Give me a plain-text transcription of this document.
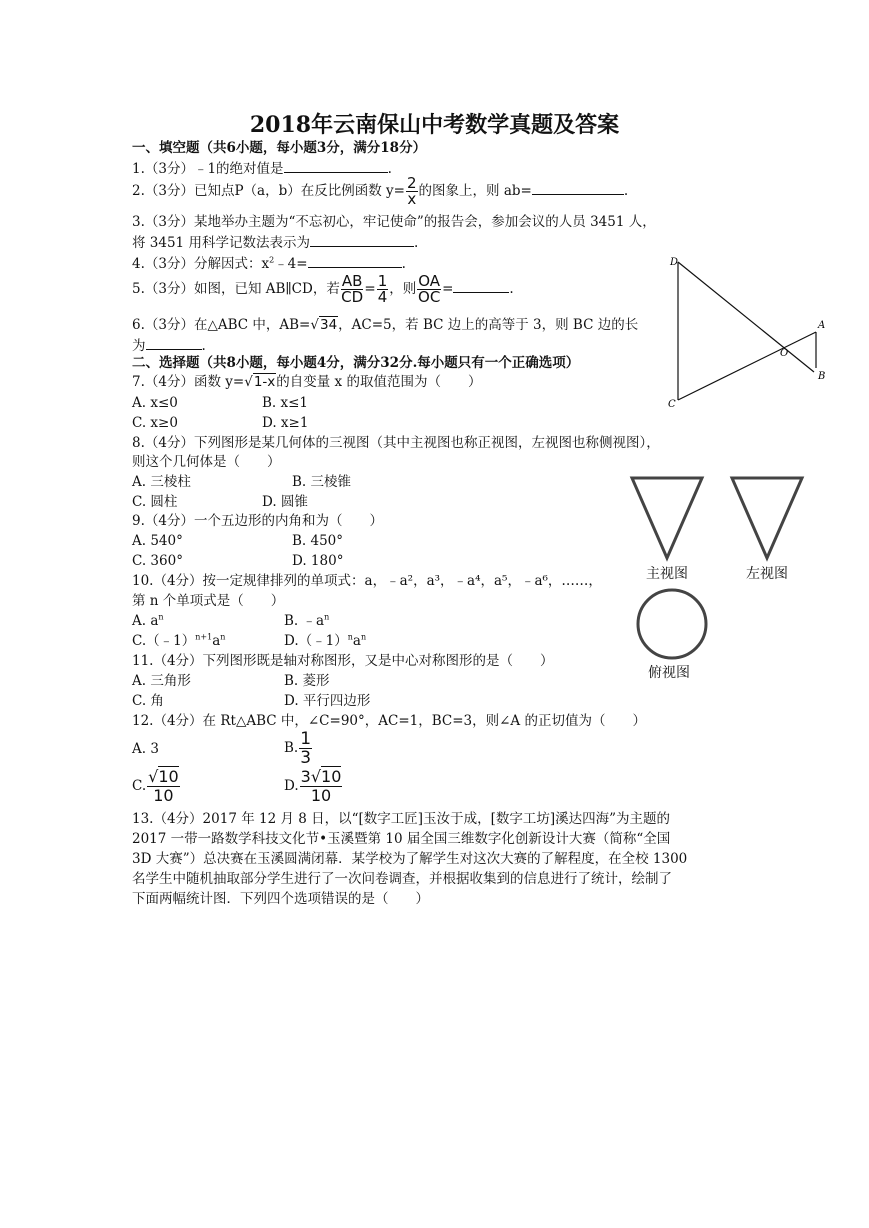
2018年云南保山中考数学真题及答案
一、填空题（共6小题，每小题3分，满分18分）
1.（3分）﹣1的绝对值是	.
2.（3分）已知点P（a，b）在反比例函数 $y= \frac{2}{x}$ 的图象上，则 ab=	.
3.（3分）某地举办主题为“不忘初心，牢记使命”的报告会，参加会议的人员 3451 人，
将 3451 用科学记数法表示为	.
4.（3分）分解因式：$x^2﹣4=$	.
5.（3分）如图，已知 AB∥CD，若 $\frac{AB}{CD} = \frac{1}{4}$ ，则 $\frac{OA}{OC}$ =	.
6.（3分）在△ABC 中，AB=√34，AC=5，若 BC 边上的高等于 3，则 BC 边的长
为	.
二、选择题（共8小题，每小题4分，满分32分.每小题只有一个正确选项）
7.（4分）函数 y=√1-x的自变量 x 的取值范围为（　　）
A. x≤0	B. x≤1
C. x≥0	D. x≥1
8.（4分）下列图形是某几何体的三视图（其中主视图也称正视图，左视图也称侧视图），
则这个几何体是（　　）
A. 三棱柱	B. 三棱锥
C. 圆柱	D. 圆锥
9.（4分）一个五边形的内角和为（　　）
A. 540°	B. 450°
C. 360°	D. 180°
10.（4分）按一定规律排列的单项式：a，﹣a²，a³，﹣a⁴，a⁵，﹣a⁶，……，
第 n 个单项式是（　　）
A. $a^n$	B. $﹣a^n$
$C.(﹣1)^{n+1}a^n$	$D.(﹣1)^na^n$
11.（4分）下列图形既是轴对称图形，又是中心对称图形的是（　　）
A. 三角形	B. 菱形
C. 角	D. 平行四边形
12.（4分）在 Rt△ABC 中，∠C=90°，AC=1，BC=3，则∠A 的正切值为（　　）
A. 3	B. $\frac{1}{3}$
C. $\frac{√10}{10}$	D. $\frac{3√10}{10}$
13.（4分）2017 年 12 月 8 日，以“[数字工匠]玉汝于成，[数字工坊]溪达四海”为主题的
2017 一带一路数学科技文化节•玉溪暨第 10 届全国三维数字化创新设计大赛（简称“全国
3D 大赛”）总决赛在玉溪圆满闭幕．某学校为了解学生对这次大赛的了解程度，在全校 1300
名学生中随机抽取部分学生进行了一次问卷调查，并根据收集到的信息进行了统计，绘制了
下面两幅统计图．下列四个选项错误的是（　　）
D
A
O
B
C
主视图	左视图
俯视图
